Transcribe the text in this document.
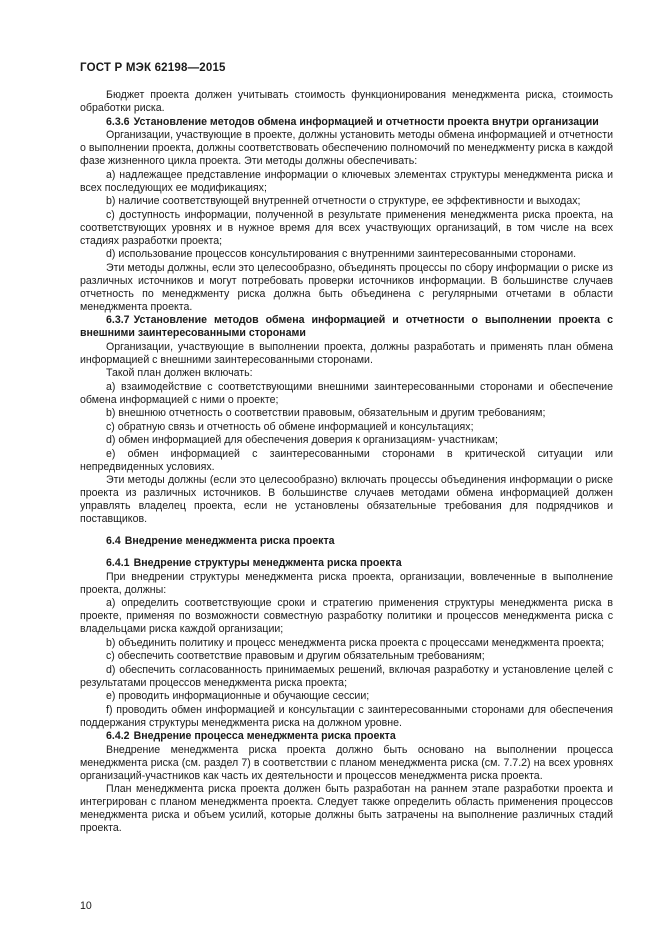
ГОСТ Р МЭК 62198—2015

Бюджет проекта должен учитывать стоимость функционирования менеджмента риска, стоимость обработки риска.

6.3.6 Установление методов обмена информацией и отчетности проекта внутри организации

Организации, участвующие в проекте, должны установить методы обмена информацией и отчетности о выполнении проекта, должны соответствовать обеспечению полномочий по менеджменту риска в каждой фазе жизненного цикла проекта. Эти методы должны обеспечивать:

a) надлежащее представление информации о ключевых элементах структуры менеджмента риска и всех последующих ее модификациях;

b) наличие соответствующей внутренней отчетности о структуре, ее эффективности и выходах;

c) доступность информации, полученной в результате применения менеджмента риска проекта, на соответствующих уровнях и в нужное время для всех участвующих организаций, в том числе на всех стадиях разработки проекта;

d) использование процессов консультирования с внутренними заинтересованными сторонами.

Эти методы должны, если это целесообразно, объединять процессы по сбору информации о риске из различных источников и могут потребовать проверки источников информации. В большинстве случаев отчетность по менеджменту риска должна быть объединена с регулярными отчетами в области менеджмента проекта.

6.3.7 Установление методов обмена информацией и отчетности о выполнении проекта с внешними заинтересованными сторонами

Организации, участвующие в выполнении проекта, должны разработать и применять план обмена информацией с внешними заинтересованными сторонами.

Такой план должен включать:

a) взаимодействие с соответствующими внешними заинтересованными сторонами и обеспечение обмена информацией с ними о проекте;

b) внешнюю отчетность о соответствии правовым, обязательным и другим требованиям;

c) обратную связь и отчетность об обмене информацией и консультациях;

d) обмен информацией для обеспечения доверия к организациям- участникам;

e) обмен информацией с заинтересованными сторонами в критической ситуации или непредвиденных условиях.

Эти методы должны (если это целесообразно) включать процессы объединения информации о риске проекта из различных источников. В большинстве случаев методами обмена информацией должен управлять владелец проекта, если не установлены обязательные требования для подрядчиков и поставщиков.

6.4 Внедрение менеджмента риска проекта

6.4.1 Внедрение структуры менеджмента риска проекта

При внедрении структуры менеджмента риска проекта, организации, вовлеченные в выполнение проекта, должны:

a) определить соответствующие сроки и стратегию применения структуры менеджмента риска в проекте, применяя по возможности совместную разработку политики и процессов менеджмента риска с владельцами риска каждой организации;

b) объединить политику и процесс менеджмента риска проекта с процессами менеджмента проекта;

c) обеспечить соответствие правовым и другим обязательным требованиям;

d) обеспечить согласованность принимаемых решений, включая разработку и установление целей с результатами процессов менеджмента риска проекта;

e) проводить информационные и обучающие сессии;

f) проводить обмен информацией и консультации с заинтересованными сторонами для обеспечения поддержания структуры менеджмента риска на должном уровне.

6.4.2 Внедрение процесса менеджмента риска проекта

Внедрение менеджмента риска проекта должно быть основано на выполнении процесса менеджмента риска (см. раздел 7) в соответствии с планом менеджмента риска (см. 7.7.2) на всех уровнях организаций-участников как часть их деятельности и процессов менеджмента риска проекта.

План менеджмента риска проекта должен быть разработан на раннем этапе разработки проекта и интегрирован с планом менеджмента проекта. Следует также определить область применения процессов менеджмента риска и объем усилий, которые должны быть затрачены на выполнение различных стадий проекта.

10
